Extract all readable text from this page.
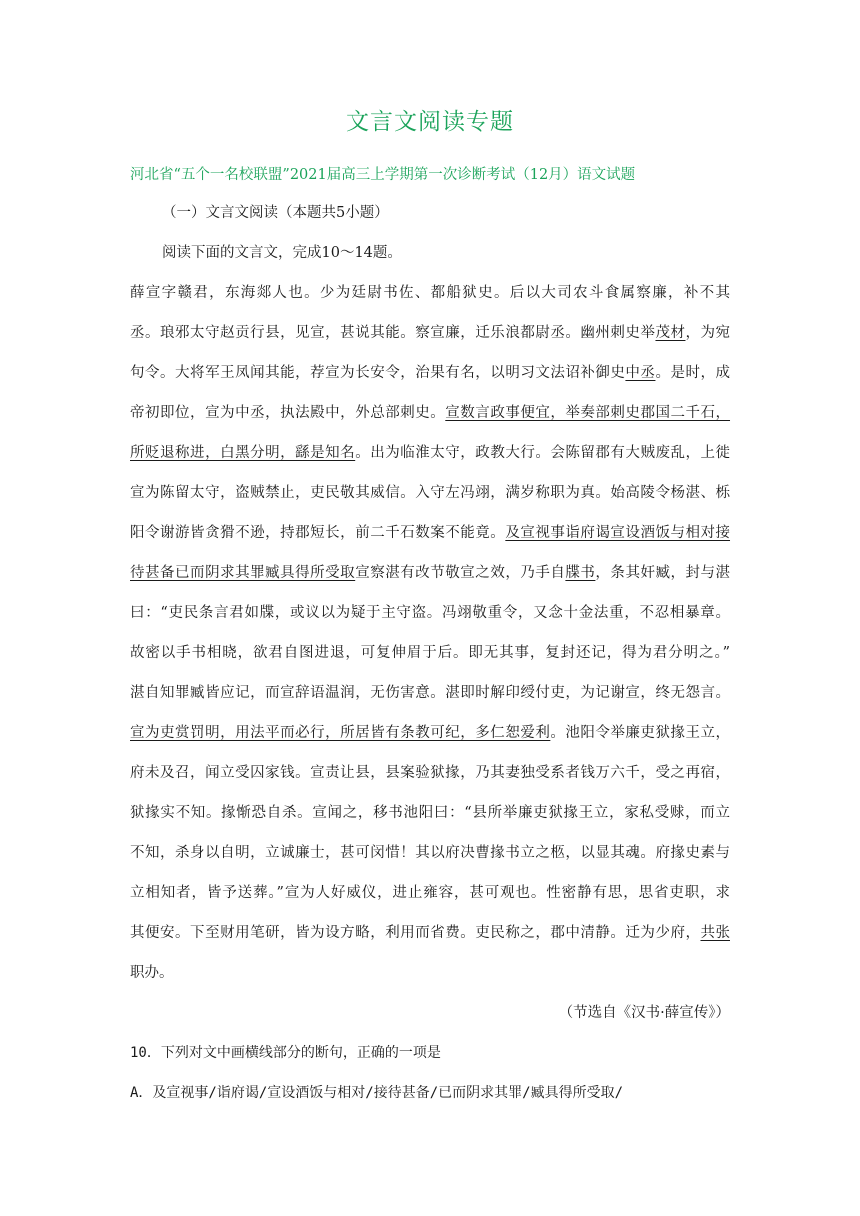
文言文阅读专题
河北省“五个一名校联盟”2021届高三上学期第一次诊断考试（12月）语文试题
（一）文言文阅读（本题共5小题）
阅读下面的文言文，完成10～14题。
薛宣字赣君，东海郯人也。少为廷尉书佐、都船狱史。后以大司农斗食属察廉，补不其
丞。琅邪太守赵贡行县，见宣，甚说其能。察宣廉，迁乐浪都尉丞。幽州刺史举茂材，为宛
句令。大将军王凤闻其能，荐宣为长安令，治果有名，以明习文法诏补御史中丞。是时，成
帝初即位，宣为中丞，执法殿中，外总部刺史。宣数言政事便宜，举奏部刺史郡国二千石，
所贬退称进，白黑分明，繇是知名。出为临淮太守，政教大行。会陈留郡有大贼废乱，上徙
宣为陈留太守，盗贼禁止，吏民敬其威信。入守左冯翊，满岁称职为真。始高陵令杨湛、栎
阳令谢游皆贪猾不逊，持郡短长，前二千石数案不能竟。及宣视事诣府谒宣设酒饭与相对接
待甚备已而阴求其罪臧具得所受取宣察湛有改节敬宣之效，乃手自牒书，条其奸臧，封与湛
曰：“吏民条言君如牒，或议以为疑于主守盗。冯翊敬重令，又念十金法重，不忍相暴章。
故密以手书相晓，欲君自图进退，可复伸眉于后。即无其事，复封还记，得为君分明之。”
湛自知罪臧皆应记，而宣辞语温润，无伤害意。湛即时解印绶付吏，为记谢宣，终无怨言。
宣为吏赏罚明，用法平而必行，所居皆有条教可纪，多仁恕爱利。池阳令举廉吏狱掾王立，
府未及召，闻立受囚家钱。宣责让县，县案验狱掾，乃其妻独受系者钱万六千，受之再宿，
狱掾实不知。掾惭恐自杀。宣闻之，移书池阳曰：“县所举廉吏狱掾王立，家私受赇，而立
不知，杀身以自明，立诚廉士，甚可闵惜！其以府决曹掾书立之柩，以显其魂。府掾史素与
立相知者，皆予送葬。”宣为人好威仪，进止雍容，甚可观也。性密静有思，思省吏职，求
其便安。下至财用笔研，皆为设方略，利用而省费。吏民称之，郡中清静。迁为少府，共张
职办。
（节选自《汉书·薛宣传》）
10．下列对文中画横线部分的断句，正确的一项是
A．及宣视事/诣府谒/宣设酒饭与相对/接待甚备/已而阴求其罪/臧具得所受取/
